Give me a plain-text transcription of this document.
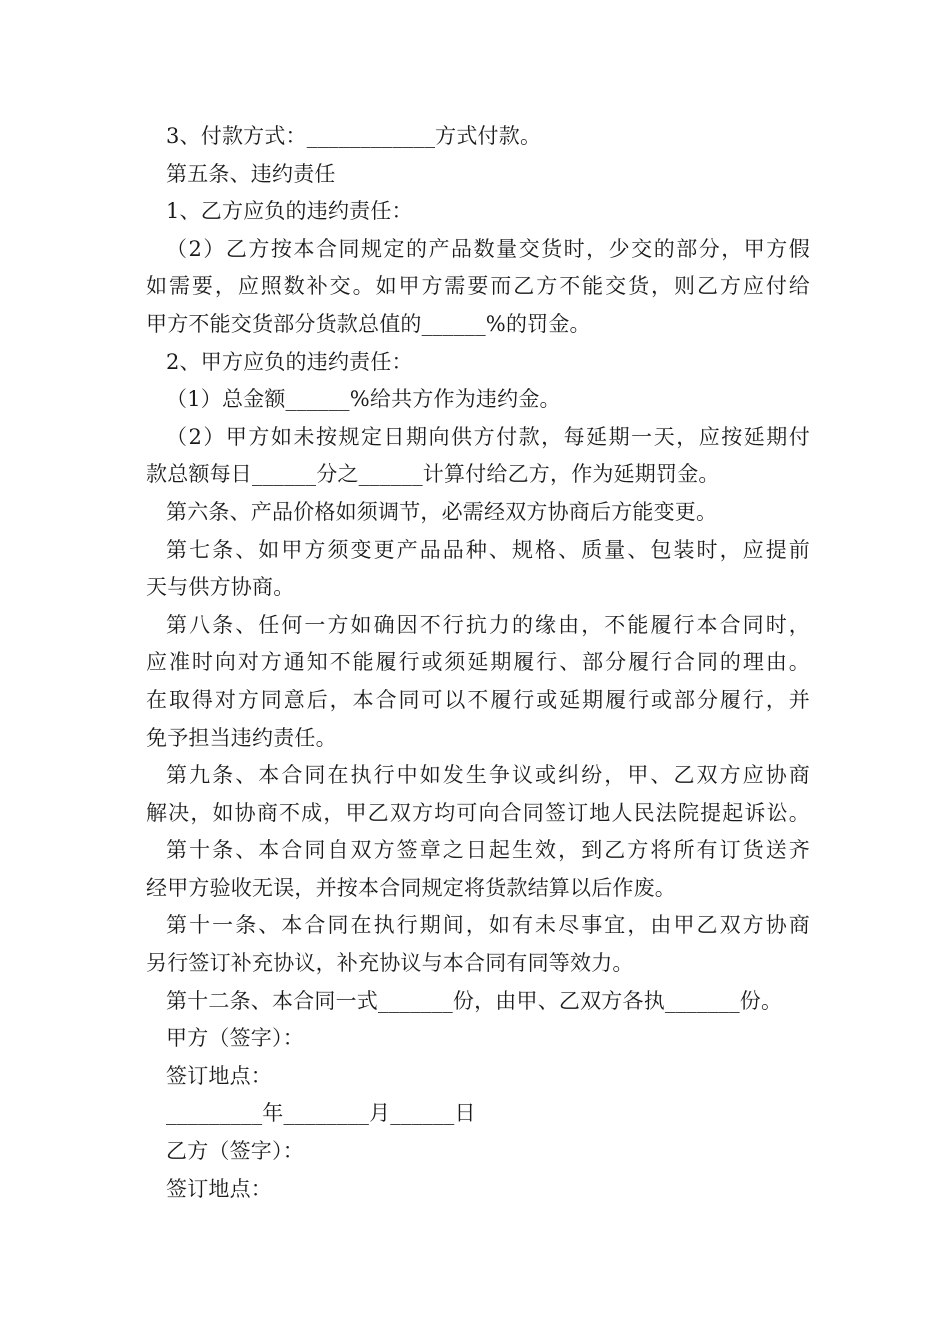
3、付款方式：____________方式付款。
第五条、违约责任
1、乙方应负的违约责任：
（2）乙方按本合同规定的产品数量交货时，少交的部分，甲方假
如需要，应照数补交。如甲方需要而乙方不能交货，则乙方应付给
甲方不能交货部分货款总值的______%的罚金。
2、甲方应负的违约责任：
（1）总金额______%给共方作为违约金。
（2）甲方如未按规定日期向供方付款，每延期一天，应按延期付
款总额每日______分之______计算付给乙方，作为延期罚金。
第六条、产品价格如须调节，必需经双方协商后方能变更。
第七条、如甲方须变更产品品种、规格、质量、包装时，应提前
天与供方协商。
第八条、任何一方如确因不行抗力的缘由，不能履行本合同时，
应准时向对方通知不能履行或须延期履行、部分履行合同的理由。
在取得对方同意后，本合同可以不履行或延期履行或部分履行，并
免予担当违约责任。
第九条、本合同在执行中如发生争议或纠纷，甲、乙双方应协商
解决，如协商不成，甲乙双方均可向合同签订地人民法院提起诉讼。
第十条、本合同自双方签章之日起生效，到乙方将所有订货送齐
经甲方验收无误，并按本合同规定将货款结算以后作废。
第十一条、本合同在执行期间，如有未尽事宜，由甲乙双方协商
另行签订补充协议，补充协议与本合同有同等效力。
第十二条、本合同一式_______份，由甲、乙双方各执_______份。
甲方（签字）：
签订地点：
_________年________月______日
乙方（签字）：
签订地点：
